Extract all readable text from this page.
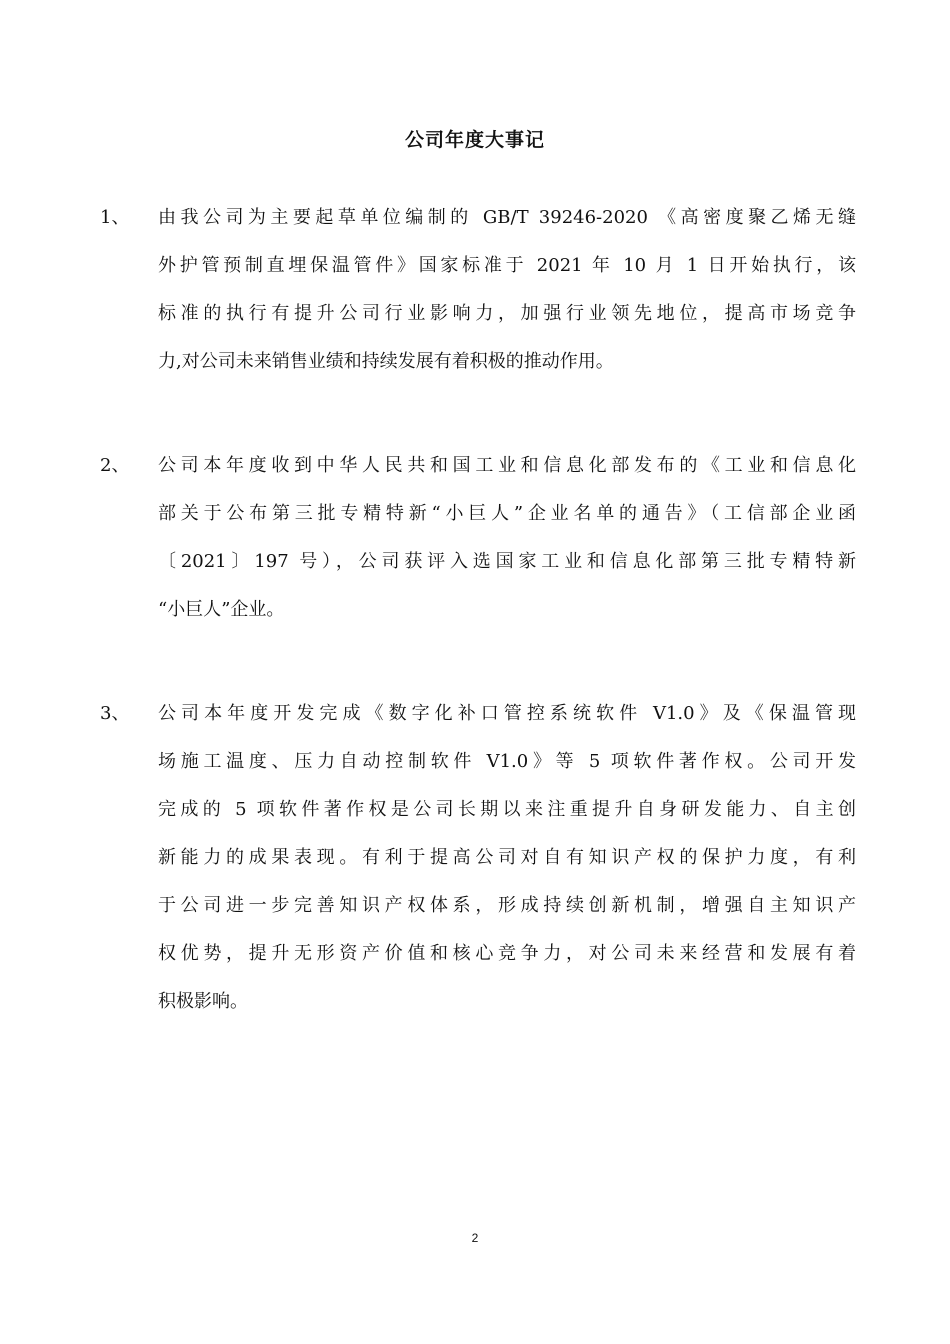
公司年度大事记
1、	由我公司为主要起草单位编制的 GB/T 39246-2020 《高密度聚乙烯无缝
外护管预制直埋保温管件》国家标准于 2021 年 10 月 1 日开始执行，该
标准的执行有提升公司行业影响力，加强行业领先地位，提高市场竞争
力,对公司未来销售业绩和持续发展有着积极的推动作用。
2、	公司本年度收到中华人民共和国工业和信息化部发布的《工业和信息化
部关于公布第三批专精特新“小巨人”企业名单的通告》（工信部企业函
〔2021〕197 号），公司获评入选国家工业和信息化部第三批专精特新
“小巨人”企业。
3、	公司本年度开发完成《数字化补口管控系统软件 V1.0》及《保温管现
场施工温度、压力自动控制软件 V1.0》等 5 项软件著作权。公司开发
完成的 5 项软件著作权是公司长期以来注重提升自身研发能力、自主创
新能力的成果表现。有利于提高公司对自有知识产权的保护力度，有利
于公司进一步完善知识产权体系，形成持续创新机制，增强自主知识产
权优势，提升无形资产价值和核心竞争力，对公司未来经营和发展有着
积极影响。
2
